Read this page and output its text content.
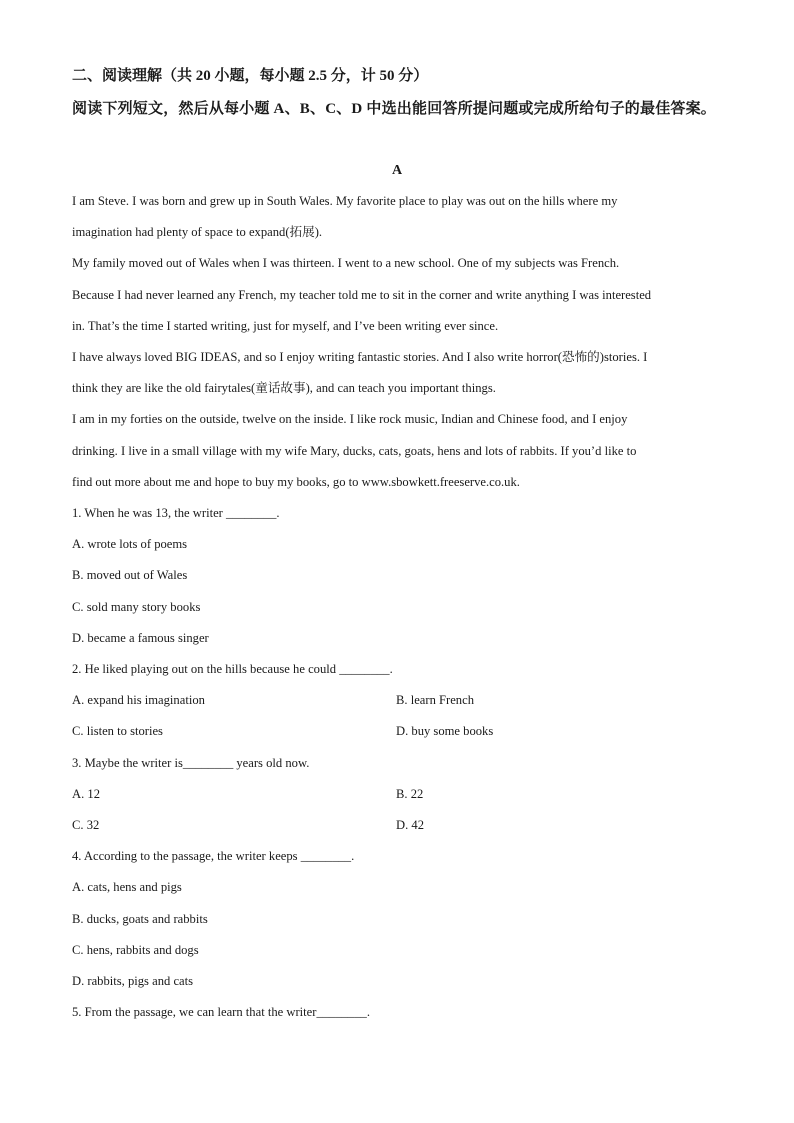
二、阅读理解（共 20 小题，每小题 2.5 分，计 50 分）
阅读下列短文，然后从每小题 A、B、C、D 中选出能回答所提问题或完成所给句子的最佳答案。
A
I am Steve. I was born and grew up in South Wales. My favorite place to play was out on the hills where my
imagination had plenty of space to expand(拓展).
My family moved out of Wales when I was thirteen. I went to a new school. One of my subjects was French.
Because I had never learned any French, my teacher told me to sit in the corner and write anything I was interested
in. That’s the time I started writing, just for myself, and I’ve been writing ever since.
I have always loved BIG IDEAS, and so I enjoy writing fantastic stories. And I also write horror(恐怖的)stories. I
think they are like the old fairytales(童话故事), and can teach you important things.
I am in my forties on the outside, twelve on the inside. I like rock music, Indian and Chinese food, and I enjoy
drinking. I live in a small village with my wife Mary, ducks, cats, goats, hens and lots of rabbits. If you’d like to
find out more about me and hope to buy my books, go to www.sbowkett.freeserve.co.uk.
1. When he was 13, the writer ________.
A. wrote lots of poems
B. moved out of Wales
C. sold many story books
D. became a famous singer
2. He liked playing out on the hills because he could ________.
A. expand his imagination	B. learn French
C. listen to stories	D. buy some books
3. Maybe the writer is________ years old now.
A. 12	B. 22
C. 32	D. 42
4. According to the passage, the writer keeps ________.
A. cats, hens and pigs
B. ducks, goats and rabbits
C. hens, rabbits and dogs
D. rabbits, pigs and cats
5. From the passage, we can learn that the writer________.
